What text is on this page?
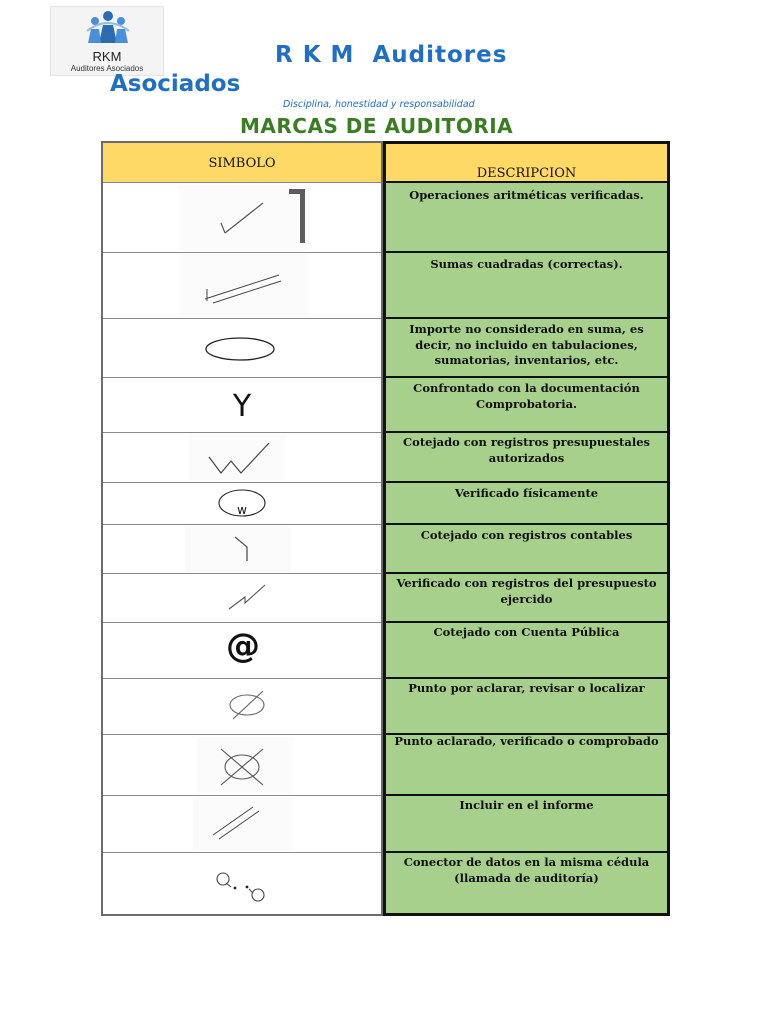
RKM
Auditores Asociados
R K M  Auditores
Asociados
Disciplina, honestidad y responsabilidad
MARCAS DE AUDITORIA
SIMBOLO
DESCRIPCION
Operaciones aritméticas verificadas.
Sumas cuadradas (correctas).
Importe no considerado en suma, es decir, no incluido en tabulaciones, sumatorias, inventarios, etc.
Y
Confrontado con la documentación Comprobatoria.
Cotejado con registros presupuestales autorizados
w
Verificado físicamente
Cotejado con registros contables
Verificado con registros del presupuesto ejercido
@	Cotejado con Cuenta Pública
Punto por aclarar, revisar o localizar
Punto aclarado, verificado o comprobado
Incluir en el informe
Conector de datos en la misma cédula (llamada de auditoría)
